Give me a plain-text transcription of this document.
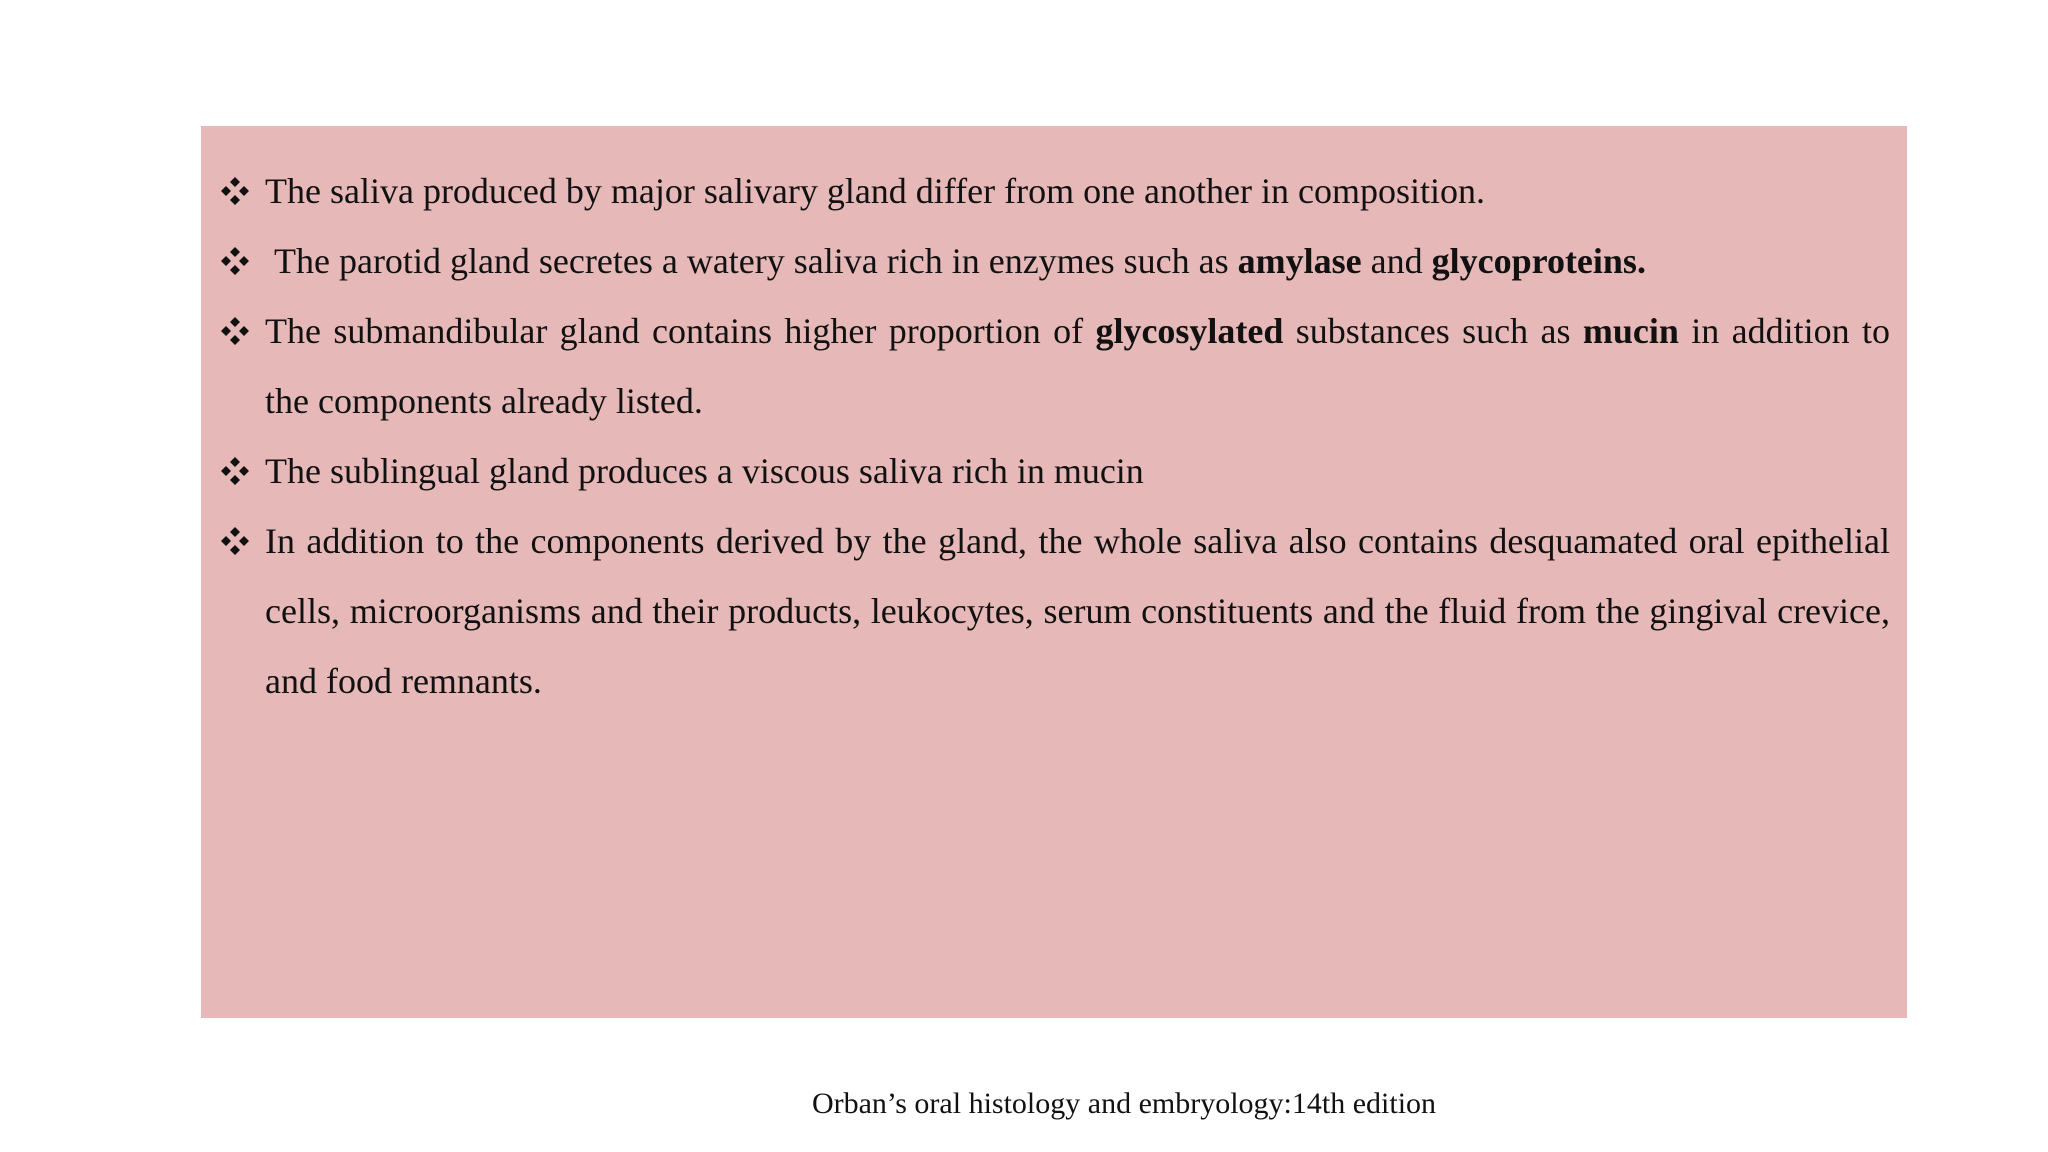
The saliva produced by major salivary gland differ from one another in composition.
The parotid gland secretes a watery saliva rich in enzymes such as amylase and glycoproteins.
The submandibular gland contains higher proportion of glycosylated substances such as mucin in addition to the components already listed.
The sublingual gland produces a viscous saliva rich in mucin
In addition to the components derived by the gland, the whole saliva also contains desquamated oral epithelial cells, microorganisms and their products, leukocytes, serum constituents and the fluid from the gingival crevice, and food remnants.
Orban’s oral histology and embryology:14th edition
